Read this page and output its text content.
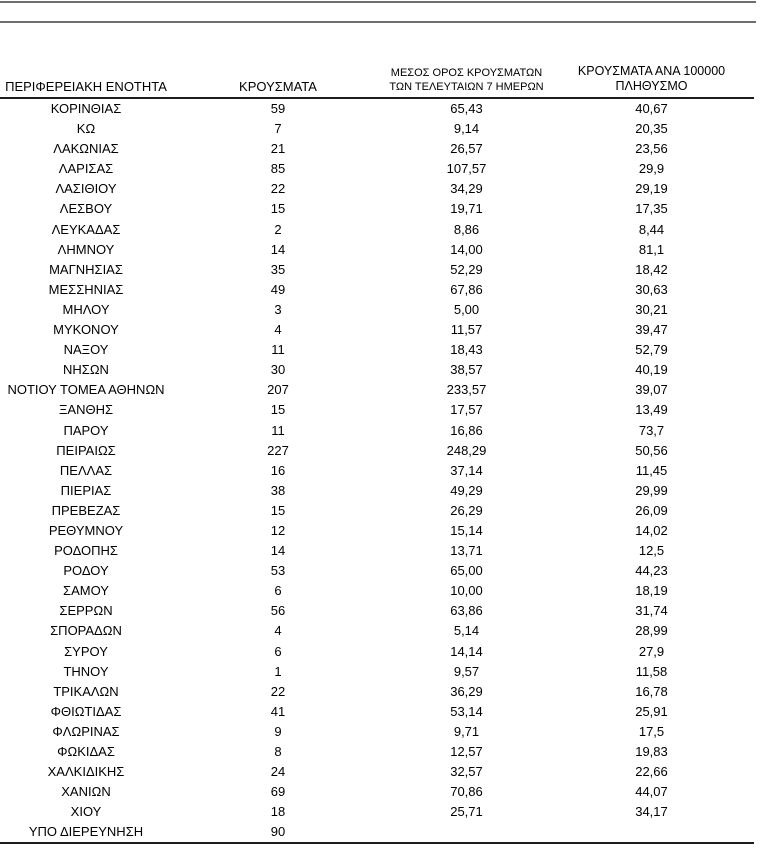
ΠΕΡΙΦΕΡΕΙΑΚΗ ΕΝΟΤΗΤΑ	ΚΡΟΥΣΜΑΤΑ	ΜΕΣΟΣ ΟΡΟΣ ΚΡΟΥΣΜΑΤΩΝ
ΤΩΝ ΤΕΛΕΥΤΑΙΩΝ 7 ΗΜΕΡΩΝ	ΚΡΟΥΣΜΑΤΑ ΑΝΑ 100000
ΠΛΗΘΥΣΜΟ

ΚΟΡΙΝΘΙΑΣ	59	65,43	40,67
ΚΩ	7	9,14	20,35
ΛΑΚΩΝΙΑΣ	21	26,57	23,56
ΛΑΡΙΣΑΣ	85	107,57	29,9
ΛΑΣΙΘΙΟΥ	22	34,29	29,19
ΛΕΣΒΟΥ	15	19,71	17,35
ΛΕΥΚΑΔΑΣ	2	8,86	8,44
ΛΗΜΝΟΥ	14	14,00	81,1
ΜΑΓΝΗΣΙΑΣ	35	52,29	18,42
ΜΕΣΣΗΝΙΑΣ	49	67,86	30,63
ΜΗΛΟΥ	3	5,00	30,21
ΜΥΚΟΝΟΥ	4	11,57	39,47
ΝΑΞΟΥ	11	18,43	52,79
ΝΗΣΩΝ	30	38,57	40,19
ΝΟΤΙΟΥ ΤΟΜΕΑ ΑΘΗΝΩΝ	207	233,57	39,07
ΞΑΝΘΗΣ	15	17,57	13,49
ΠΑΡΟΥ	11	16,86	73,7
ΠΕΙΡΑΙΩΣ	227	248,29	50,56
ΠΕΛΛΑΣ	16	37,14	11,45
ΠΙΕΡΙΑΣ	38	49,29	29,99
ΠΡΕΒΕΖΑΣ	15	26,29	26,09
ΡΕΘΥΜΝΟΥ	12	15,14	14,02
ΡΟΔΟΠΗΣ	14	13,71	12,5
ΡΟΔΟΥ	53	65,00	44,23
ΣΑΜΟΥ	6	10,00	18,19
ΣΕΡΡΩΝ	56	63,86	31,74
ΣΠΟΡΑΔΩΝ	4	5,14	28,99
ΣΥΡΟΥ	6	14,14	27,9
ΤΗΝΟΥ	1	9,57	11,58
ΤΡΙΚΑΛΩΝ	22	36,29	16,78
ΦΘΙΩΤΙΔΑΣ	41	53,14	25,91
ΦΛΩΡΙΝΑΣ	9	9,71	17,5
ΦΩΚΙΔΑΣ	8	12,57	19,83
ΧΑΛΚΙΔΙΚΗΣ	24	32,57	22,66
ΧΑΝΙΩΝ	69	70,86	44,07
ΧΙΟΥ	18	25,71	34,17
ΥΠΟ ΔΙΕΡΕΥΝΗΣΗ	90		
